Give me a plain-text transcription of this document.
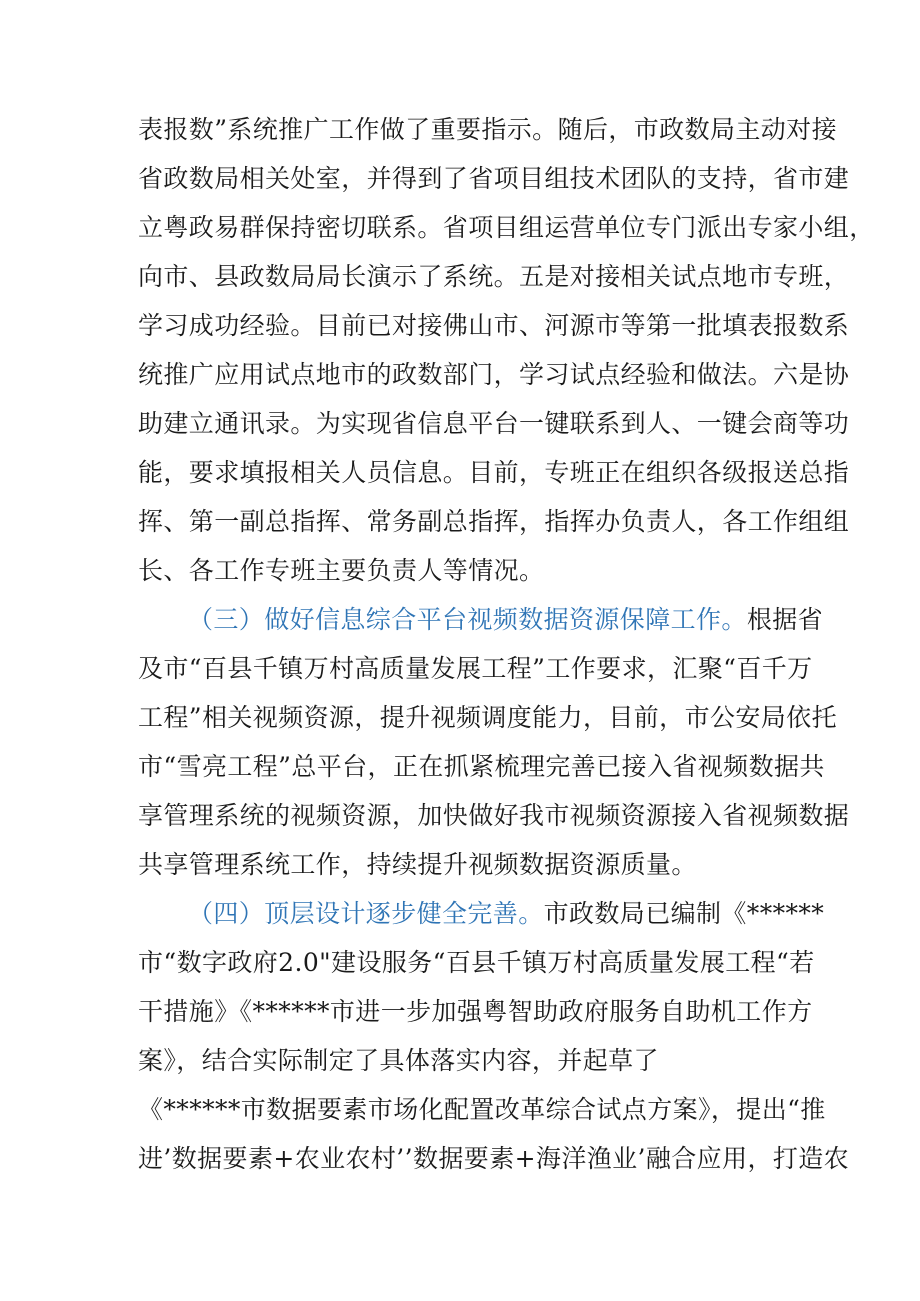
表报数”系统推广工作做了重要指示。随后，市政数局主动对接
省政数局相关处室，并得到了省项目组技术团队的支持，省市建
立粤政易群保持密切联系。省项目组运营单位专门派出专家小组，
向市、县政数局局长演示了系统。五是对接相关试点地市专班，
学习成功经验。目前已对接佛山市、河源市等第一批填表报数系
统推广应用试点地市的政数部门，学习试点经验和做法。六是协
助建立通讯录。为实现省信息平台一键联系到人、一键会商等功
能，要求填报相关人员信息。目前，专班正在组织各级报送总指
挥、第一副总指挥、常务副总指挥，指挥办负责人，各工作组组
长、各工作专班主要负责人等情况。
（三）做好信息综合平台视频数据资源保障工作。根据省
及市“百县千镇万村高质量发展工程”工作要求，汇聚“百千万
工程”相关视频资源，提升视频调度能力，目前，市公安局依托
市“雪亮工程”总平台，正在抓紧梳理完善已接入省视频数据共
享管理系统的视频资源，加快做好我市视频资源接入省视频数据
共享管理系统工作，持续提升视频数据资源质量。
（四）顶层设计逐步健全完善。市政数局已编制《******
市“数字政府2.0"建设服务“百县千镇万村高质量发展工程“若
干措施》《******市进一步加强粤智助政府服务自助机工作方
案》，结合实际制定了具体落实内容，并起草了
《******市数据要素市场化配置改革综合试点方案》，提出“推
进’数据要素+农业农村’’数据要素+海洋渔业’融合应用，打造农
